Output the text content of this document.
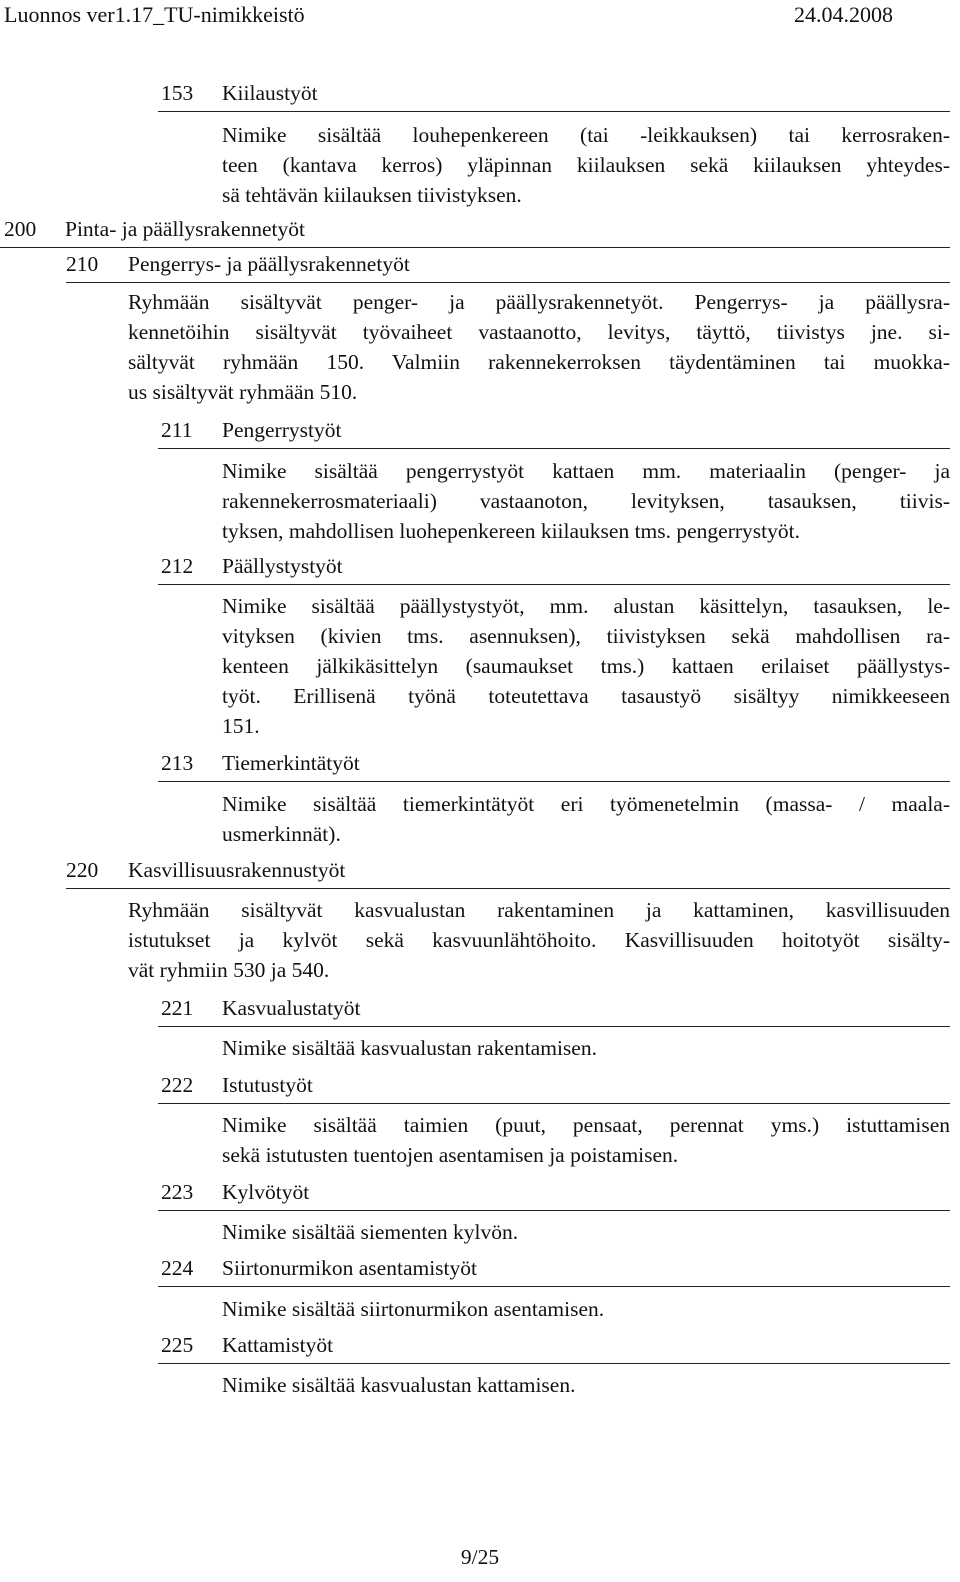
Luonnos ver1.17_TU-nimikkeistö	24.04.2008
153 Kiilaustyöt
Nimike sisältää louhepenkereen (tai -leikkauksen) tai kerrosraken-
teen (kantava kerros) yläpinnan kiilauksen sekä kiilauksen yhteydes-
sä tehtävän kiilauksen tiivistyksen.
200 Pinta- ja päällysrakennetyöt
210 Pengerrys- ja päällysrakennetyöt
Ryhmään sisältyvät penger- ja päällysrakennetyöt. Pengerrys- ja päällysra-
kennetöihin sisältyvät työvaiheet vastaanotto, levitys, täyttö, tiivistys jne. si-
sältyvät ryhmään 150. Valmiin rakennekerroksen täydentäminen tai muokka-
us sisältyvät ryhmään 510.
211 Pengerrystyöt
Nimike sisältää pengerrystyöt kattaen mm. materiaalin (penger- ja
rakennekerrosmateriaali) vastaanoton, levityksen, tasauksen, tiivis-
tyksen, mahdollisen luohepenkereen kiilauksen tms. pengerrystyöt.
212 Päällystystyöt
Nimike sisältää päällystystyöt, mm. alustan käsittelyn, tasauksen, le-
vityksen (kivien tms. asennuksen), tiivistyksen sekä mahdollisen ra-
kenteen jälkikäsittelyn (saumaukset tms.) kattaen erilaiset päällystys-
työt. Erillisenä työnä toteutettava tasaustyö sisältyy nimikkeeseen
151.
213 Tiemerkintätyöt
Nimike sisältää tiemerkintätyöt eri työmenetelmin (massa- / maala-
usmerkinnät).
220 Kasvillisuusrakennustyöt
Ryhmään sisältyvät kasvualustan rakentaminen ja kattaminen, kasvillisuuden
istutukset ja kylvöt sekä kasvuunlähtöhoito. Kasvillisuuden hoitotyöt sisälty-
vät ryhmiin 530 ja 540.
221 Kasvualustatyöt
Nimike sisältää kasvualustan rakentamisen.
222 Istutustyöt
Nimike sisältää taimien (puut, pensaat, perennat yms.) istuttamisen
sekä istutusten tuentojen asentamisen ja poistamisen.
223 Kylvötyöt
Nimike sisältää siementen kylvön.
224 Siirtonurmikon asentamistyöt
Nimike sisältää siirtonurmikon asentamisen.
225 Kattamistyöt
Nimike sisältää kasvualustan kattamisen.
9/25
